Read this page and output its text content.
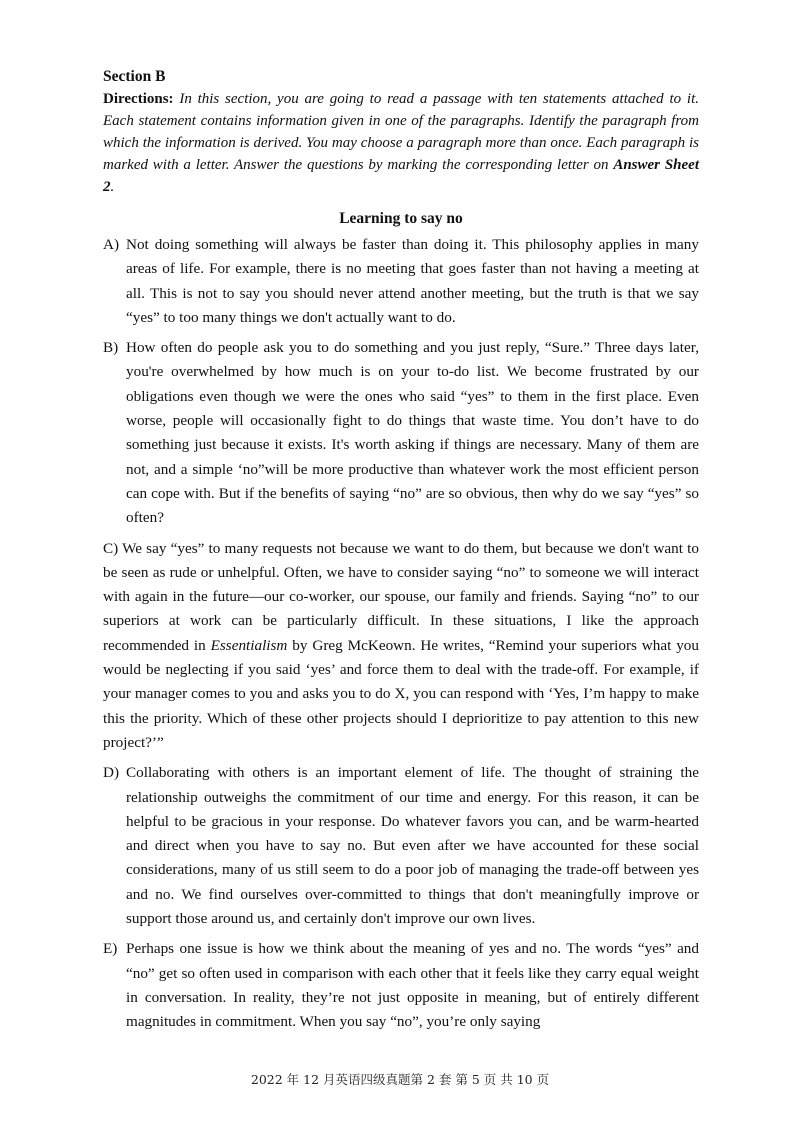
Section B

Directions: In this section, you are going to read a passage with ten statements attached to it. Each statement contains information given in one of the paragraphs. Identify the paragraph from which the information is derived. You may choose a paragraph more than once. Each paragraph is marked with a letter. Answer the questions by marking the corresponding letter on Answer Sheet 2.

Learning to say no

A) Not doing something will always be faster than doing it. This philosophy applies in many areas of life. For example, there is no meeting that goes faster than not having a meeting at all. This is not to say you should never attend another meeting, but the truth is that we say “yes” to too many things we don't actually want to do.

B) How often do people ask you to do something and you just reply, “Sure.” Three days later, you're overwhelmed by how much is on your to-do list. We become frustrated by our obligations even though we were the ones who said “yes” to them in the first place. Even worse, people will occasionally fight to do things that waste time. You don’t have to do something just because it exists. It's worth asking if things are necessary. Many of them are not, and a simple ‘no”will be more productive than whatever work the most efficient person can cope with. But if the benefits of saying “no” are so obvious, then why do we say “yes” so often?

C) We say “yes” to many requests not because we want to do them, but because we don't want to be seen as rude or unhelpful. Often, we have to consider saying “no” to someone we will interact with again in the future—our co-worker, our spouse, our family and friends. Saying “no” to our superiors at work can be particularly difficult. In these situations, I like the approach recommended in Essentialism by Greg McKeown. He writes, “Remind your superiors what you would be neglecting if you said ‘yes’ and force them to deal with the trade-off. For example, if your manager comes to you and asks you to do X, you can respond with ‘Yes, I’m happy to make this the priority. Which of these other projects should I deprioritize to pay attention to this new project?’”

D) Collaborating with others is an important element of life. The thought of straining the relationship outweighs the commitment of our time and energy. For this reason, it can be helpful to be gracious in your response. Do whatever favors you can, and be warm-hearted and direct when you have to say no. But even after we have accounted for these social considerations, many of us still seem to do a poor job of managing the trade-off between yes and no. We find ourselves over-committed to things that don't meaningfully improve or support those around us, and certainly don't improve our own lives.

E) Perhaps one issue is how we think about the meaning of yes and no. The words “yes” and “no” get so often used in comparison with each other that it feels like they carry equal weight in conversation. In reality, they’re not just opposite in meaning, but of entirely different magnitudes in commitment. When you say “no”, you’re only saying

2022 年 12 月英语四级真题第 2 套 第 5 页 共 10 页
